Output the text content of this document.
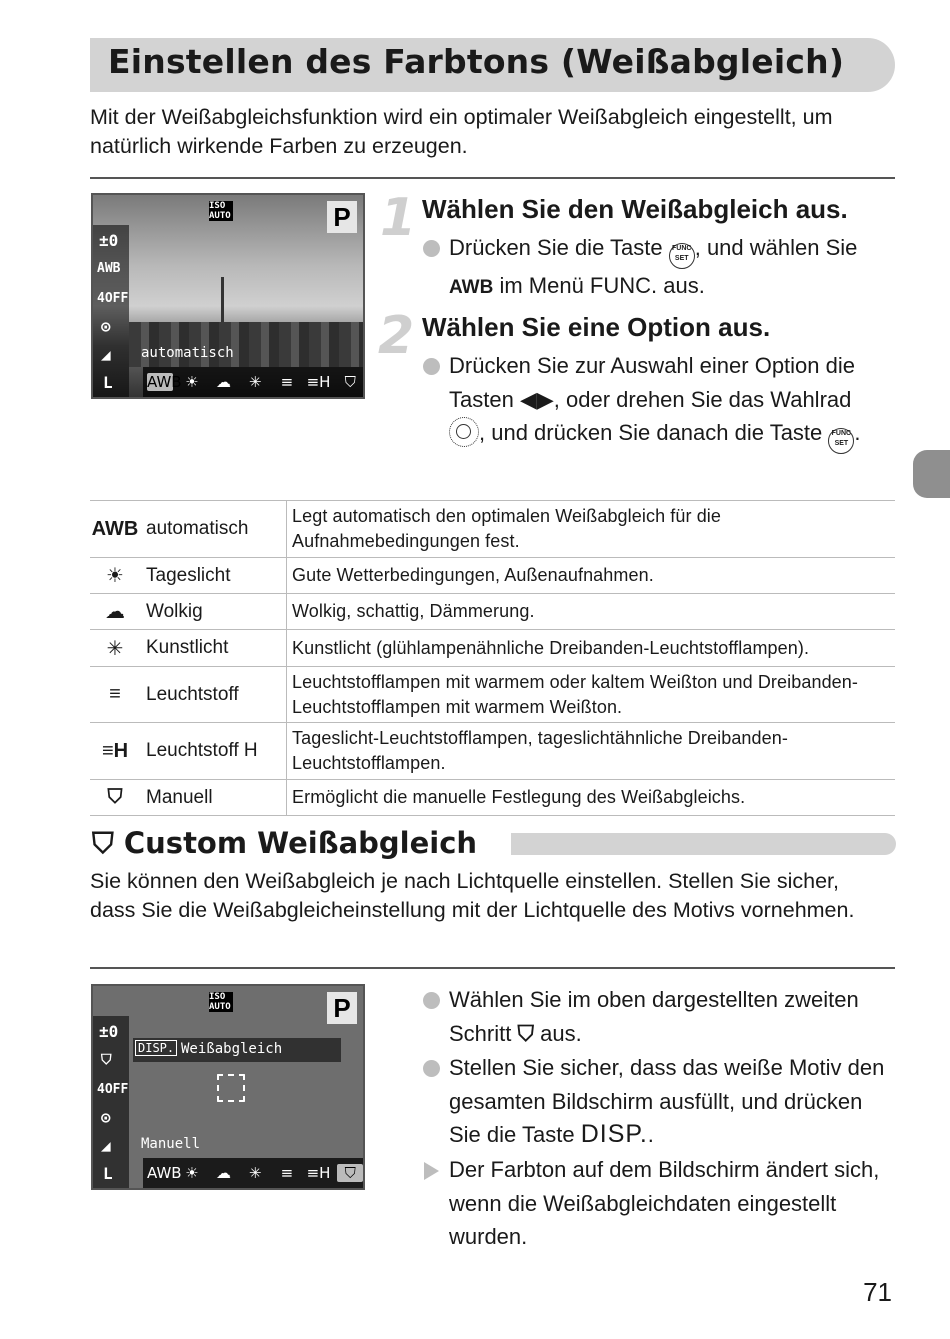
Einstellen des Farbtons (Weißabgleich)
Mit der Weißabgleichsfunktion wird ein optimaler Weißabgleich eingestellt, um natürlich wirkende Farben zu erzeugen.
±0
AWB
4OFF
⊙
◢
L
ISO AUTO	P
automatisch
AWB ☀	☁	✳	≡ ≡H ⛉
1 Wählen Sie den Weißabgleich aus.
Drücken Sie die Taste FUNC SET , und wählen Sie AWB im Menü FUNC. aus.
2 Wählen Sie eine Option aus.
Drücken Sie zur Auswahl einer Option die Tasten ◀▶, oder drehen Sie das Wahlrad , und drücken Sie danach die Taste FUNC SET .
AWB	automatisch	Legt automatisch den optimalen Weißabgleich für die Aufnahmebedingungen fest.
☀	Tageslicht	Gute Wetterbedingungen, Außenaufnahmen.
☁	Wolkig	Wolkig, schattig, Dämmerung.
✳	Kunstlicht	Kunstlicht (glühlampenähnliche Dreibanden-Leuchtstofflampen).
≡	Leuchtstoff	Leuchtstofflampen mit warmem oder kaltem Weißton und Dreibanden-Leuchtstofflampen mit warmem Weißton.
≡H	Leuchtstoff H	Tageslicht-Leuchtstofflampen, tageslichtähnliche Dreibanden-Leuchtstofflampen.
⛉	Manuell	Ermöglicht die manuelle Festlegung des Weißabgleichs.
⛉ Custom Weißabgleich
Sie können den Weißabgleich je nach Lichtquelle einstellen. Stellen Sie sicher, dass Sie die Weißabgleicheinstellung mit der Lichtquelle des Motivs vornehmen.
±0
⛉
4OFF
⊙
◢
L
ISO AUTO	P
DISP. Weißabgleich
Manuell
AWB ☀	☁	✳	≡ ≡H ⛉
Wählen Sie im oben dargestellten zweiten Schritt ⛉ aus.
Stellen Sie sicher, dass das weiße Motiv den gesamten Bildschirm ausfüllt, und drücken Sie die Taste DISP..
Der Farbton auf dem Bildschirm ändert sich, wenn die Weißabgleichdaten eingestellt wurden.
71
